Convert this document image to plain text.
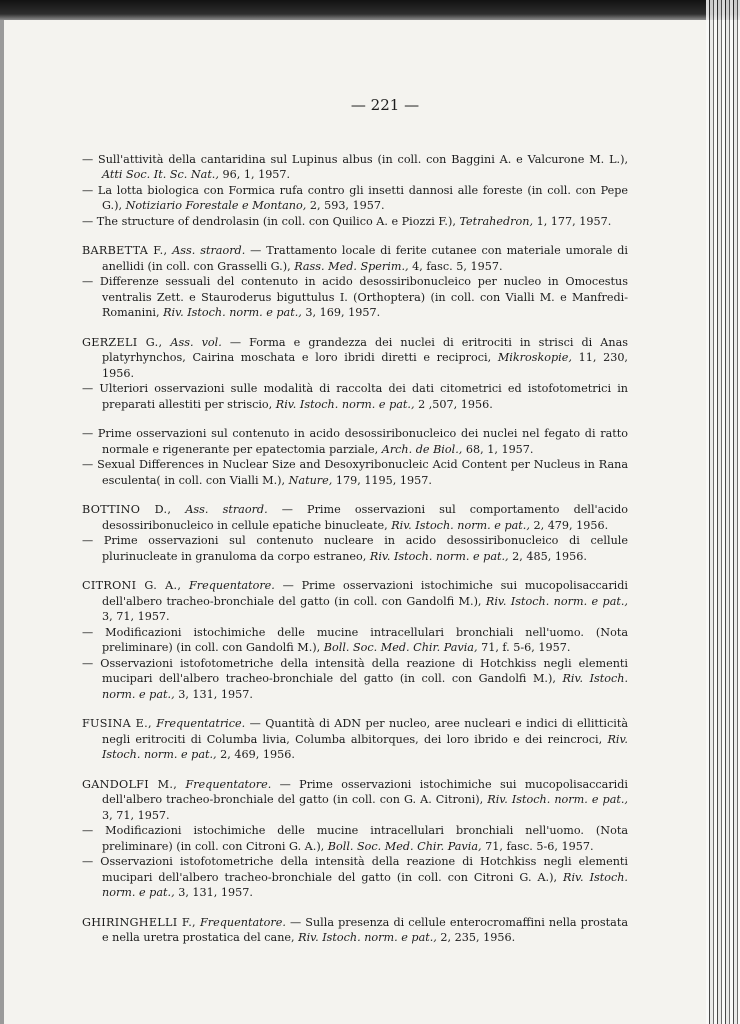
— 221 —
— Sull'attività della cantaridina sul Lupinus albus (in coll. con Baggini A. e Valcurone M. L.), Atti Soc. It. Sc. Nat., 96, 1, 1957.
— La lotta biologica con Formica rufa contro gli insetti dannosi alle foreste (in coll. con Pepe G.), Notiziario Forestale e Montano, 2, 593, 1957.
— The structure of dendrolasin (in coll. con Quilico A. e Piozzi F.), Tetrahedron, 1, 177, 1957.
BARBETTA F., Ass. straord. — Trattamento locale di ferite cutanee con materiale umorale di anellidi (in coll. con Grasselli G.), Rass. Med. Sperim., 4, fasc. 5, 1957.
— Differenze sessuali del contenuto in acido desossiribonucleico per nucleo in Omocestus ventralis Zett. e Stauroderus biguttulus I. (Orthoptera) (in coll. con Vialli M. e Manfredi-Romanini, Riv. Istoch. norm. e pat., 3, 169, 1957.
GERZELI G., Ass. vol. — Forma e grandezza dei nuclei di eritrociti in strisci di Anas platyrhynchos, Cairina moschata e loro ibridi diretti e reciproci, Mikroskopie, 11, 230, 1956.
— Ulteriori osservazioni sulle modalità di raccolta dei dati citometrici ed istofotometrici in preparati allestiti per striscio, Riv. Istoch. norm. e pat., 2 ,507, 1956.
— Prime osservazioni sul contenuto in acido desossiribonucleico dei nuclei nel fegato di ratto normale e rigenerante per epatectomia parziale, Arch. de Biol., 68, 1, 1957.
— Sexual Differences in Nuclear Size and Desoxyribonucleic Acid Content per Nucleus in Rana esculenta( in coll. con Vialli M.), Nature, 179, 1195, 1957.
BOTTINO D., Ass. straord. — Prime osservazioni sul comportamento dell'acido desossiribonucleico in cellule epatiche binucleate, Riv. Istoch. norm. e pat., 2, 479, 1956.
— Prime osservazioni sul contenuto nucleare in acido desossiribonucleico di cellule plurinucleate in granuloma da corpo estraneo, Riv. Istoch. norm. e pat., 2, 485, 1956.
CITRONI G. A., Frequentatore. — Prime osservazioni istochimiche sui mucopolisaccaridi dell'albero tracheo-bronchiale del gatto (in coll. con Gandolfi M.), Riv. Istoch. norm. e pat., 3, 71, 1957.
— Modificazioni istochimiche delle mucine intracellulari bronchiali nell'uomo. (Nota preliminare) (in coll. con Gandolfi M.), Boll. Soc. Med. Chir. Pavia, 71, f. 5-6, 1957.
— Osservazioni istofotometriche della intensità della reazione di Hotchkiss negli elementi mucipari dell'albero tracheo-bronchiale del gatto (in coll. con Gandolfi M.), Riv. Istoch. norm. e pat., 3, 131, 1957.
FUSINA E., Frequentatrice. — Quantità di ADN per nucleo, aree nucleari e indici di ellitticità negli eritrociti di Columba livia, Columba albitorques, dei loro ibrido e dei reincroci, Riv. Istoch. norm. e pat., 2, 469, 1956.
GANDOLFI M., Frequentatore. — Prime osservazioni istochimiche sui mucopolisaccaridi dell'albero tracheo-bronchiale del gatto (in coll. con G. A. Citroni), Riv. Istoch. norm. e pat., 3, 71, 1957.
— Modificazioni istochimiche delle mucine intracellulari bronchiali nell'uomo. (Nota preliminare) (in coll. con Citroni G. A.), Boll. Soc. Med. Chir. Pavia, 71, fasc. 5-6, 1957.
— Osservazioni istofotometriche della intensità della reazione di Hotchkiss negli elementi mucipari dell'albero tracheo-bronchiale del gatto (in coll. con Citroni G. A.), Riv. Istoch. norm. e pat., 3, 131, 1957.
GHIRINGHELLI F., Frequentatore. — Sulla presenza di cellule enterocromaffini nella prostata e nella uretra prostatica del cane, Riv. Istoch. norm. e pat., 2, 235, 1956.
